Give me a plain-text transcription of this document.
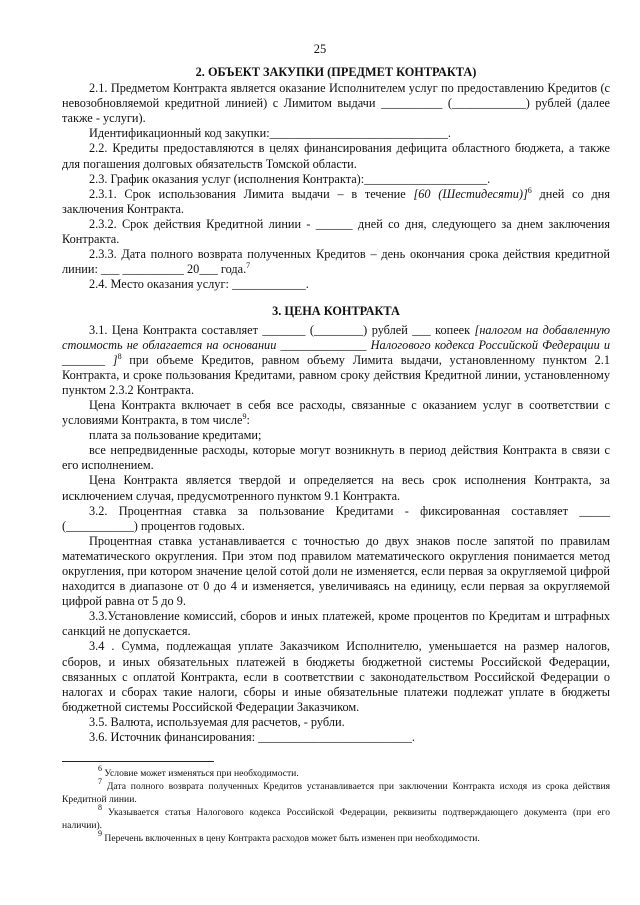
25

2. ОБЪЕКТ ЗАКУПКИ (ПРЕДМЕТ КОНТРАКТА)

2.1. Предметом Контракта является оказание Исполнителем услуг по предоставлению Кредитов (с невозобновляемой кредитной линией) с Лимитом выдачи __________ (____________) рублей (далее также - услуги).

Идентификационный код закупки:_____________________________.

2.2. Кредиты предоставляются в целях финансирования дефицита областного бюджета, а также для погашения долговых обязательств Томской области.

2.3. График оказания услуг (исполнения Контракта):____________________.

2.3.1. Срок использования Лимита выдачи – в течение [60 (Шестидесяти)]$^6$ дней со дня заключения Контракта.

2.3.2. Срок действия Кредитной линии - ______ дней со дня, следующего за днем заключения Контракта.

2.3.3. Дата полного возврата полученных Кредитов – день окончания срока действия кредитной линии: ___ __________ 20___ года.$^7$

2.4. Место оказания услуг: ____________.

3. ЦЕНА КОНТРАКТА

3.1. Цена Контракта составляет _______ (________) рублей ___ копеек [налогом на добавленную стоимость не облагается на основании ______________ Налогового кодекса Российской Федерации и _______ ]$^8$ при объеме Кредитов, равном объему Лимита выдачи, установленному пунктом 2.1 Контракта, и сроке пользования Кредитами, равном сроку действия Кредитной линии, установленному пунктом 2.3.2 Контракта.

Цена Контракта включает в себя все расходы, связанные с оказанием услуг в соответствии с условиями Контракта, в том числе$^9$:

плата за пользование кредитами;

все непредвиденные расходы, которые могут возникнуть в период действия Контракта в связи с его исполнением.

Цена Контракта является твердой и определяется на весь срок исполнения Контракта, за исключением случая, предусмотренного пунктом 9.1 Контракта.

3.2. Процентная ставка за пользование Кредитами - фиксированная составляет _____ (___________) процентов годовых.

Процентная ставка устанавливается с точностью до двух знаков после запятой по правилам математического округления. При этом под правилом математического округления понимается метод округления, при котором значение целой сотой доли не изменяется, если первая за округляемой цифрой находится в диапазоне от 0 до 4 и изменяется, увеличиваясь на единицу, если первая за округляемой цифрой равна от 5 до 9.

3.3.Установление комиссий, сборов и иных платежей, кроме процентов по Кредитам и штрафных санкций не допускается.

3.4 . Сумма, подлежащая уплате Заказчиком Исполнителю, уменьшается на размер налогов, сборов, и иных обязательных платежей в бюджеты бюджетной системы Российской Федерации, связанных с оплатой Контракта, если в соответствии с законодательством Российской Федерации о налогах и сборах такие налоги, сборы и иные обязательные платежи подлежат уплате в бюджеты бюджетной системы Российской Федерации Заказчиком.

3.5. Валюта, используемая для расчетов, - рубли.

3.6. Источник финансирования: _________________________.

$^6$ Условие может изменяться при необходимости.
$^7$ Дата полного возврата полученных Кредитов устанавливается при заключении Контракта исходя из срока действия Кредитной линии.
$^8$ Указывается статья Налогового кодекса Российской Федерации, реквизиты подтверждающего документа (при его наличии).
$^9$ Перечень включенных в цену Контракта расходов может быть изменен при необходимости.
